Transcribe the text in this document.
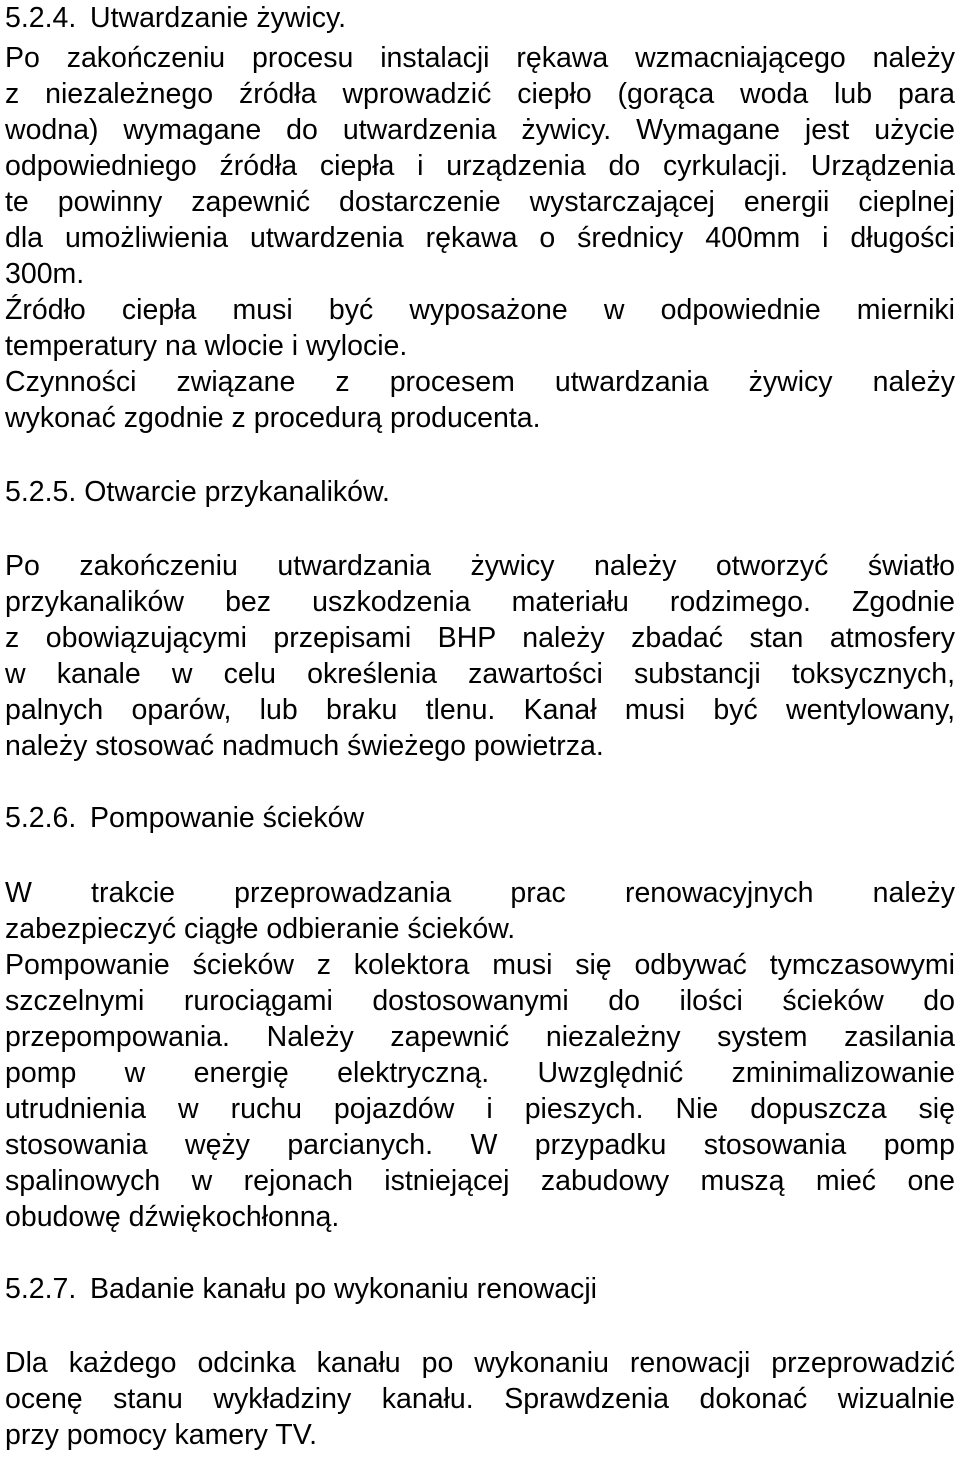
5.2.4. Utwardzanie żywicy.
Po zakończeniu procesu instalacji rękawa wzmacniającego należy
z niezależnego źródła wprowadzić ciepło (gorąca woda lub para
wodna) wymagane do utwardzenia żywicy. Wymagane jest użycie
odpowiedniego źródła ciepła i urządzenia do cyrkulacji. Urządzenia
te powinny zapewnić dostarczenie wystarczającej energii cieplnej
dla umożliwienia utwardzenia rękawa o średnicy 400mm i długości
300m.
Źródło ciepła musi być wyposażone w odpowiednie mierniki
temperatury na wlocie i wylocie.
Czynności związane z procesem utwardzania żywicy należy
wykonać zgodnie z procedurą producenta.
5.2.5. Otwarcie przykanalików.
Po zakończeniu utwardzania żywicy należy otworzyć światło
przykanalików bez uszkodzenia materiału rodzimego. Zgodnie
z obowiązującymi przepisami BHP należy zbadać stan atmosfery
w kanale w celu określenia zawartości substancji toksycznych,
palnych oparów, lub braku tlenu. Kanał musi być wentylowany,
należy stosować nadmuch świeżego powietrza.
5.2.6. Pompowanie ścieków
W trakcie przeprowadzania prac renowacyjnych należy
zabezpieczyć ciągłe odbieranie ścieków.
Pompowanie ścieków z kolektora musi się odbywać tymczasowymi
szczelnymi rurociągami dostosowanymi do ilości ścieków do
przepompowania. Należy zapewnić niezależny system zasilania
pomp w energię elektryczną. Uwzględnić zminimalizowanie
utrudnienia w ruchu pojazdów i pieszych. Nie dopuszcza się
stosowania węży parcianych. W przypadku stosowania pomp
spalinowych w rejonach istniejącej zabudowy muszą mieć one
obudowę dźwiękochłonną.
5.2.7. Badanie kanału po wykonaniu renowacji
Dla każdego odcinka kanału po wykonaniu renowacji przeprowadzić
ocenę stanu wykładziny kanału. Sprawdzenia dokonać wizualnie
przy pomocy kamery TV.
